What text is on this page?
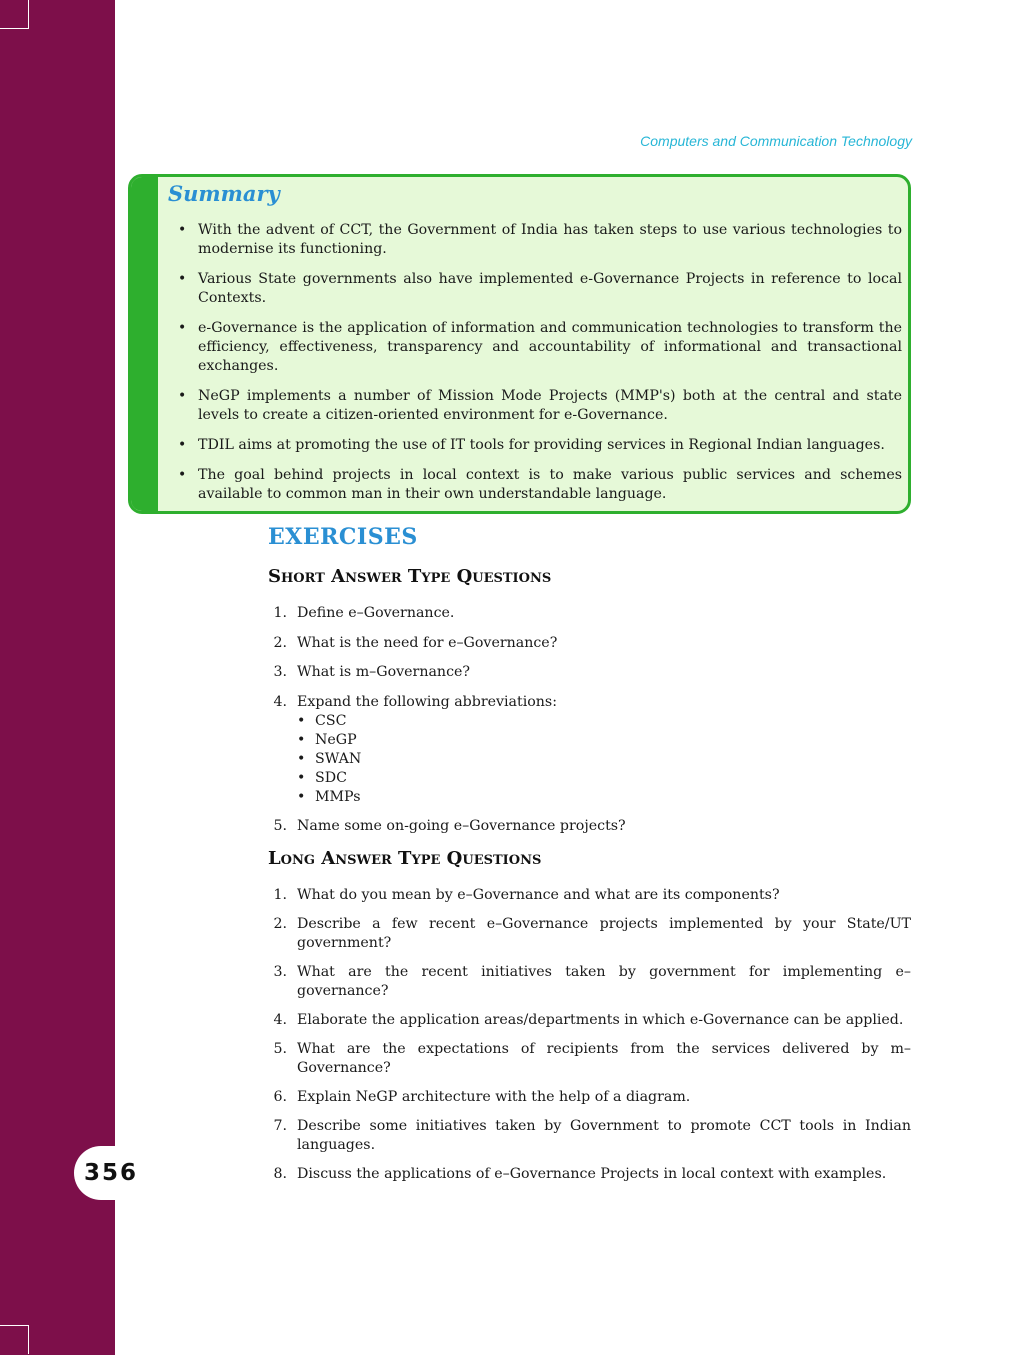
356
Computers and Communication Technology
Summary
• With the advent of CCT, the Government of India has taken steps to use various technologies to modernise its functioning.
• Various State governments also have implemented e-Governance Projects in reference to local Contexts.
• e-Governance is the application of information and communication technologies to transform the efficiency, effectiveness, transparency and accountability of informational and transactional exchanges.
• NeGP implements a number of Mission Mode Projects (MMP's) both at the central and state levels to create a citizen-oriented environment for e-Governance.
• TDIL aims at promoting the use of IT tools for providing services in Regional Indian languages.
• The goal behind projects in local context is to make various public services and schemes available to common man in their own understandable language.
EXERCISES
Short Answer Type Questions
1. Define e–Governance.
2. What is the need for e–Governance?
3. What is m–Governance?
4. Expand the following abbreviations:
• CSC
• NeGP
• SWAN
• SDC
• MMPs
5. Name some on-going e–Governance projects?
Long Answer Type Questions
1. What do you mean by e–Governance and what are its components?
2. Describe a few recent e–Governance projects implemented by your State/UT government?
3. What are the recent initiatives taken by government for implementing e–governance?
4. Elaborate the application areas/departments in which e-Governance can be applied.
5. What are the expectations of recipients from the services delivered by m–Governance?
6. Explain NeGP architecture with the help of a diagram.
7. Describe some initiatives taken by Government to promote CCT tools in Indian languages.
8. Discuss the applications of e–Governance Projects in local context with examples.
